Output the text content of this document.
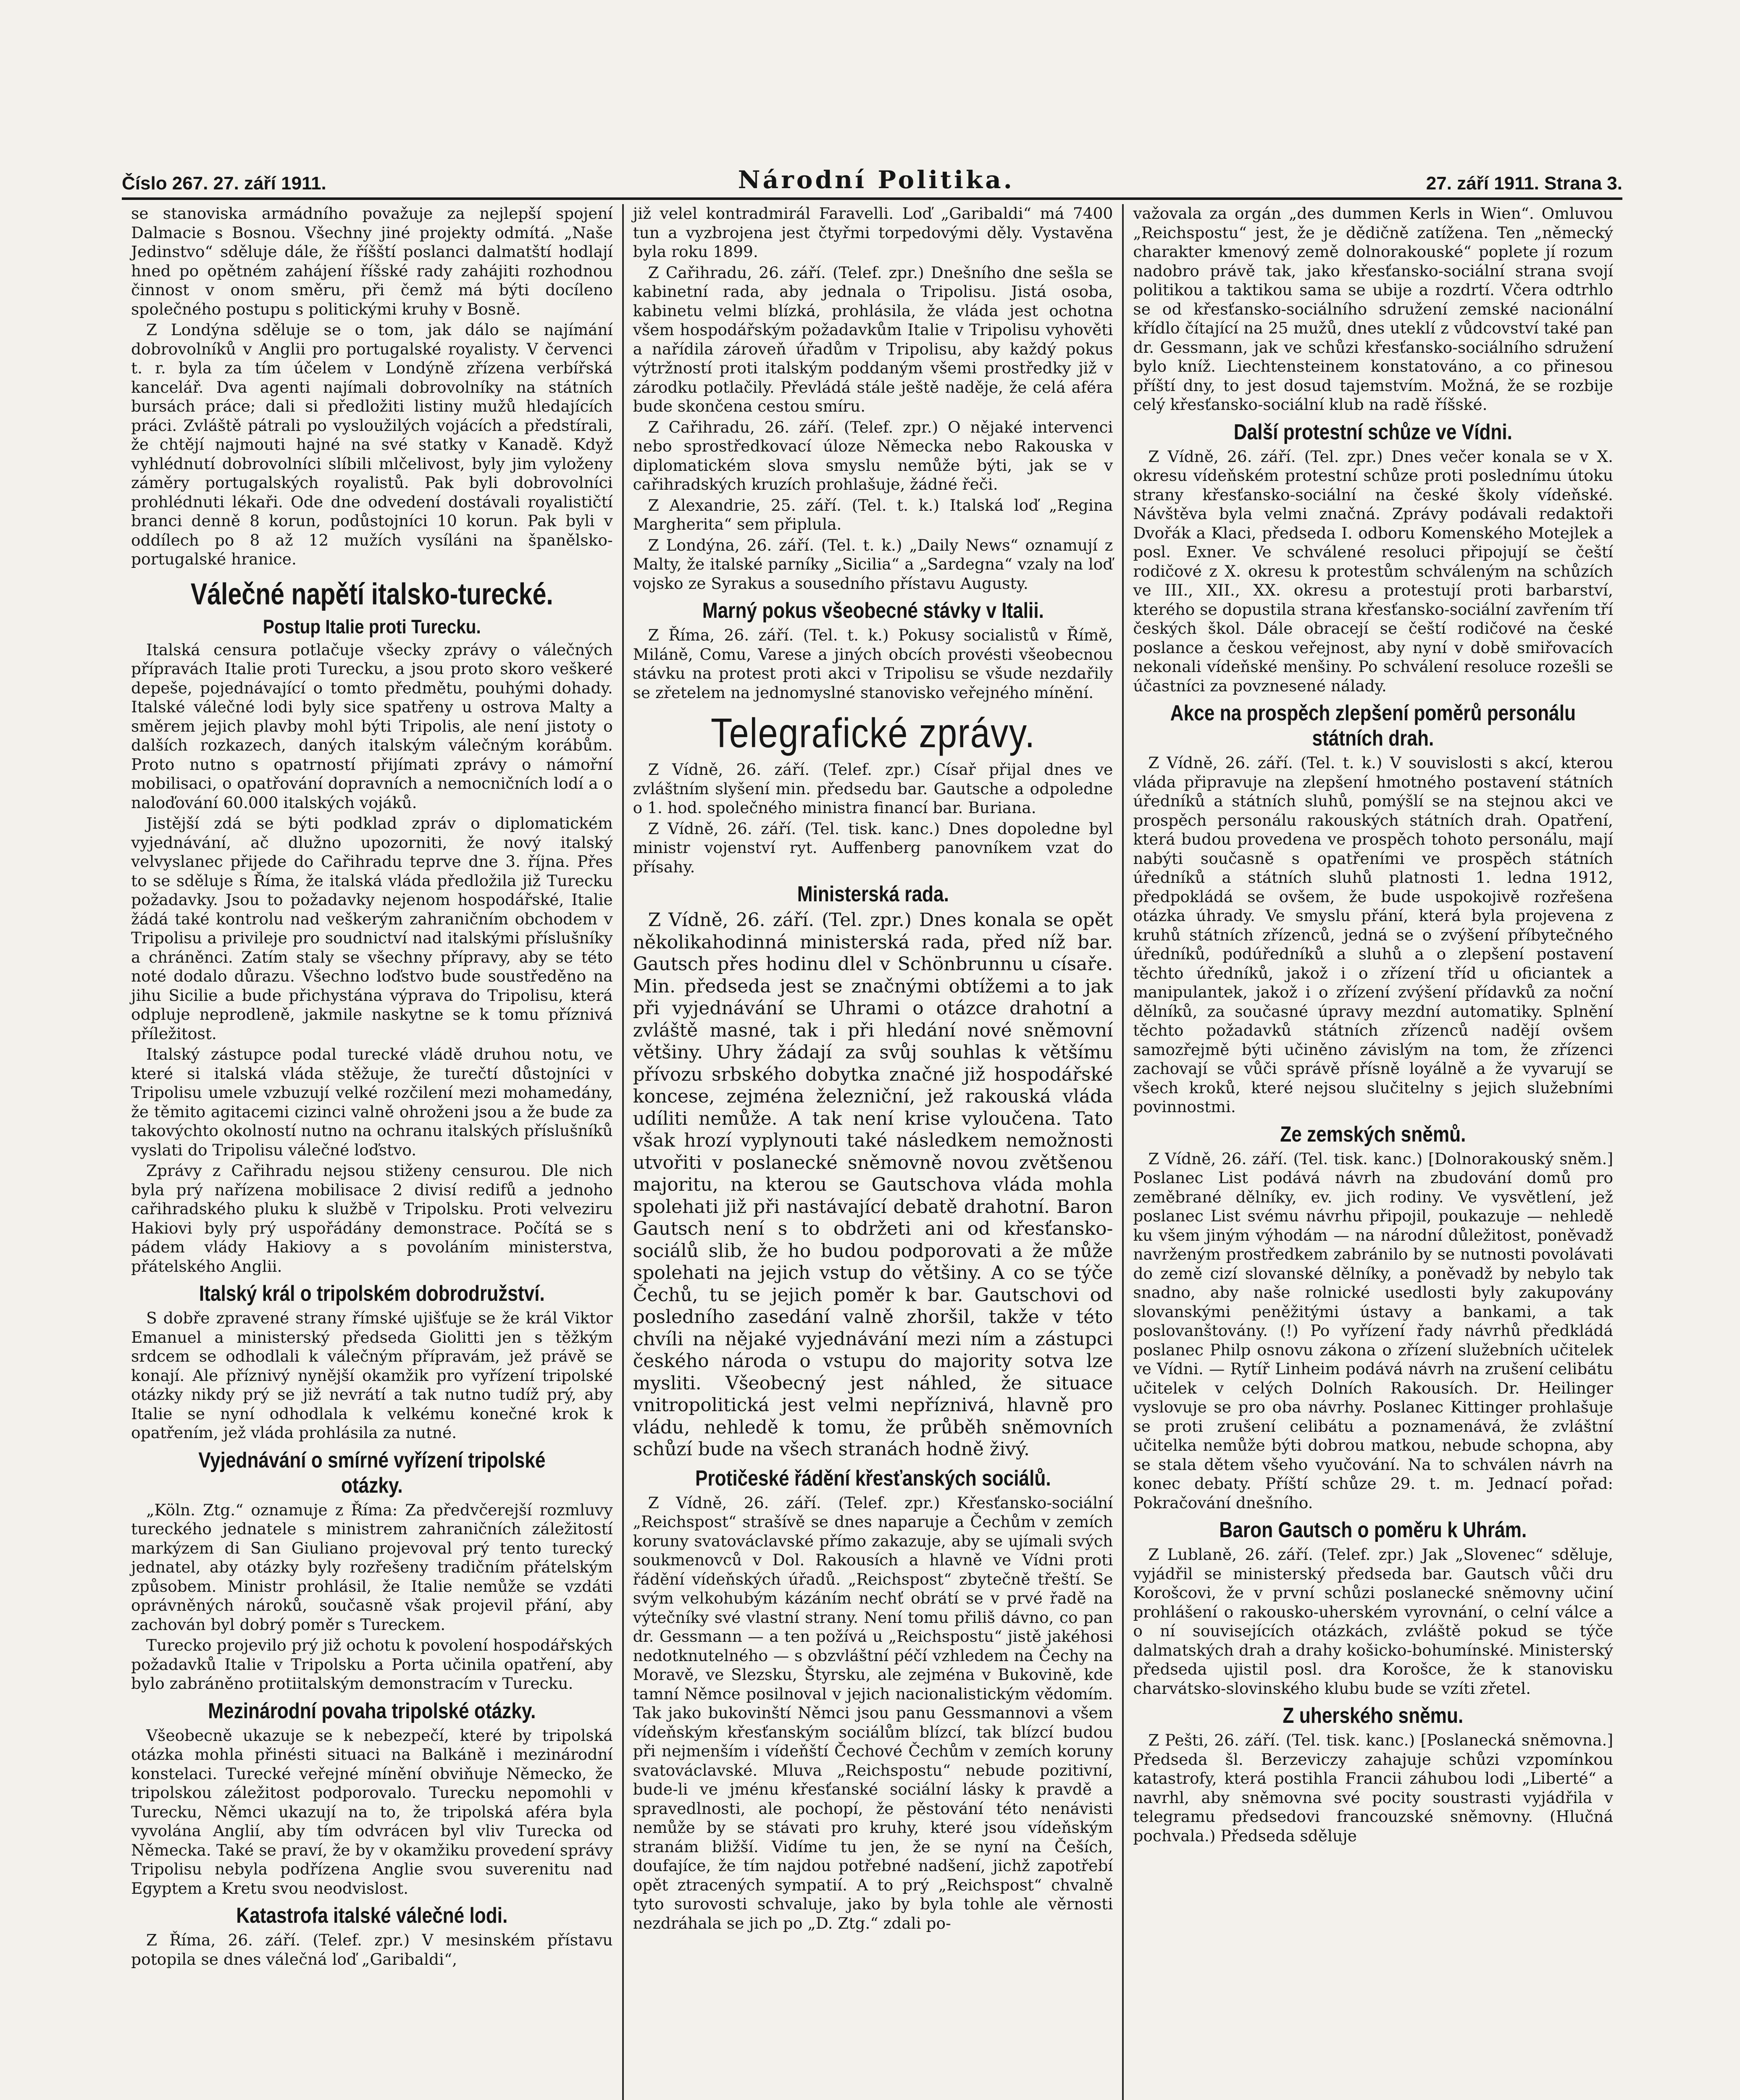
Číslo 267. 27. září 1911.	Národní Politika.	27. září 1911. Strana 3.

se stanoviska armádního považuje za nejlepší spojení Dalmacie s Bosnou. Všechny jiné projekty odmítá. „Naše Jedinstvo“ sděluje dále, že říšští poslanci dalmatští hodlají hned po opětném zahájení říšské rady zahájiti rozhodnou činnost v onom směru, při čemž má býti docíleno společného postupu s politickými kruhy v Bosně.

Z Londýna sděluje se o tom, jak dálo se najímání dobrovolníků v Anglii pro portugalské royalisty. V červenci t. r. byla za tím účelem v Londýně zřízena verbířská kancelář. Dva agenti najímali dobrovolníky na státních bursách práce; dali si předložiti listiny mužů hledajících práci. Zvláště pátrali po vysloužilých vojácích a předstírali, že chtějí najmouti hajné na své statky v Kanadě. Když vyhlédnutí dobrovolníci slíbili mlčelivost, byly jim vyloženy záměry portugalských royalistů. Pak byli dobrovolníci prohlédnuti lékaři. Ode dne odvedení dostávali royalističtí branci denně 8 korun, podůstojníci 10 korun. Pak byli v oddílech po 8 až 12 mužích vysíláni na španělsko-portugalské hranice.

Válečné napětí italsko-turecké.
Postup Italie proti Turecku.

Italská censura potlačuje všecky zprávy o válečných přípravách Italie proti Turecku, a jsou proto skoro veškeré depeše, pojednávající o tomto předmětu, pouhými dohady. Italské válečné lodi byly sice spatřeny u ostrova Malty a směrem jejich plavby mohl býti Tripolis, ale není jistoty o dalších rozkazech, daných italským válečným korábům. Proto nutno s opatrností přijímati zprávy o námořní mobilisaci, o opatřování dopravních a nemocničních lodí a o naloďování 60.000 italských vojáků.

Jistější zdá se býti podklad zpráv o diplomatickém vyjednávání, ač dlužno upozorniti, že nový italský velvyslanec přijede do Cařihradu teprve dne 3. října. Přes to se sděluje s Říma, že italská vláda předložila již Turecku požadavky. Jsou to požadavky nejenom hospodářské, Italie žádá také kontrolu nad veškerým zahraničním obchodem v Tripolisu a privileje pro soudnictví nad italskými příslušníky a chráněnci. Zatím staly se všechny přípravy, aby se této noté dodalo důrazu. Všechno loďstvo bude soustředěno na jihu Sicilie a bude přichystána výprava do Tripolisu, která odpluje neprodleně, jakmile naskytne se k tomu příznivá příležitost.

Italský zástupce podal turecké vládě druhou notu, ve které si italská vláda stěžuje, že turečtí důstojníci v Tripolisu umele vzbuzují velké rozčilení mezi mohamedány, že těmito agitacemi cizinci valně ohroženi jsou a že bude za takovýchto okolností nutno na ochranu italských příslušníků vyslati do Tripolisu válečné loďstvo.

Zprávy z Cařihradu nejsou stiženy censurou. Dle nich byla prý nařízena mobilisace 2 divisí redifů a jednoho cařihradského pluku k službě v Tripolsku. Proti velveziru Hakiovi byly prý uspořádány demonstrace. Počítá se s pádem vlády Hakiovy a s povoláním ministerstva, přátelského Anglii.

Italský král o tripolském dobrodružství.

S dobře zpravené strany římské ujišťuje se že král Viktor Emanuel a ministerský předseda Giolitti jen s těžkým srdcem se odhodlali k válečným přípravám, jež právě se konají. Ale příznivý nynější okamžik pro vyřízení tripolské otázky nikdy prý se již nevrátí a tak nutno tudíž prý, aby Italie se nyní odhodlala k velkému konečné krok k opatřením, jež vláda prohlásila za nutné.

Vyjednávání o smírné vyřízení tripolské otázky.

„Köln. Ztg.“ oznamuje z Říma: Za předvčerejší rozmluvy tureckého jednatele s ministrem zahraničních záležitostí markýzem di San Giuliano projevoval prý tento turecký jednatel, aby otázky byly rozřešeny tradičním přátelským způsobem. Ministr prohlásil, že Italie nemůže se vzdáti oprávněných nároků, současně však projevil přání, aby zachován byl dobrý poměr s Tureckem.

Turecko projevilo prý již ochotu k povolení hospodářských požadavků Italie v Tripolsku a Porta učinila opatření, aby bylo zabráněno protiitalským demonstracím v Turecku.

Mezinárodní povaha tripolské otázky.

Všeobecně ukazuje se k nebezpečí, které by tripolská otázka mohla přinésti situaci na Balkáně i mezinárodní konstelaci. Turecké veřejné mínění obviňuje Německo, že tripolskou záležitost podporovalo. Turecku nepomohli v Turecku, Němci ukazují na to, že tripolská aféra byla vyvolána Anglií, aby tím odvrácen byl vliv Turecka od Německa. Také se praví, že by v okamžiku provedení správy Tripolisu nebyla podřízena Anglie svou suverenitu nad Egyptem a Kretu svou neodvislost.

Katastrofa italské válečné lodi.

Z Říma, 26. září. (Telef. zpr.) V mesinském přístavu potopila se dnes válečná loď „Garibaldi“,

již velel kontradmirál Faravelli. Loď „Garibaldi“ má 7400 tun a vyzbrojena jest čtyřmi torpedovými děly. Vystavěna byla roku 1899.

Z Cařihradu, 26. září. (Telef. zpr.) Dnešního dne sešla se kabinetní rada, aby jednala o Tripolisu. Jistá osoba, kabinetu velmi blízká, prohlásila, že vláda jest ochotna všem hospodářským požadavkům Italie v Tripolisu vyhověti a nařídila zároveň úřadům v Tripolisu, aby každý pokus výtržností proti italským poddaným všemi prostředky již v zárodku potlačily. Převládá stále ještě naděje, že celá aféra bude skončena cestou smíru.

Z Cařihradu, 26. září. (Telef. zpr.) O nějaké intervenci nebo sprostředkovací úloze Německa nebo Rakouska v diplomatickém slova smyslu nemůže býti, jak se v cařihradských kruzích prohlašuje, žádné řeči.

Z Alexandrie, 25. září. (Tel. t. k.) Italská loď „Regina Margherita“ sem připlula.

Z Londýna, 26. září. (Tel. t. k.) „Daily News“ oznamují z Malty, že italské parníky „Sicilia“ a „Sardegna“ vzaly na loď vojsko ze Syrakus a sousedního přístavu Augusty.

Marný pokus všeobecné stávky v Italii.

Z Říma, 26. září. (Tel. t. k.) Pokusy socialistů v Římě, Miláně, Comu, Varese a jiných obcích provésti všeobecnou stávku na protest proti akci v Tripolisu se všude nezdařily se zřetelem na jednomyslné stanovisko veřejného mínění.

Telegrafické zprávy.

Z Vídně, 26. září. (Telef. zpr.) Císař přijal dnes ve zvláštním slyšení min. předsedu bar. Gautsche a odpoledne o 1. hod. společného ministra financí bar. Buriana.

Z Vídně, 26. září. (Tel. tisk. kanc.) Dnes dopoledne byl ministr vojenství ryt. Auffenberg panovníkem vzat do přísahy.

Ministerská rada.

Z Vídně, 26. září. (Tel. zpr.) Dnes konala se opět několikahodinná ministerská rada, před níž bar. Gautsch přes hodinu dlel v Schönbrunnu u císaře. Min. předseda jest se značnými obtížemi a to jak při vyjednávání se Uhrami o otázce drahotní a zvláště masné, tak i při hledání nové sněmovní většiny. Uhry žádají za svůj souhlas k většímu přívozu srbského dobytka značné již hospodářské koncese, zejména železniční, jež rakouská vláda udíliti nemůže. A tak není krise vyloučena. Tato však hrozí vyplynouti také následkem nemožnosti utvořiti v poslanecké sněmovně novou zvětšenou majoritu, na kterou se Gautschova vláda mohla spolehati již při nastávající debatě drahotní. Baron Gautsch není s to obdržeti ani od křesťansko-sociálů slib, že ho budou podporovati a že může spolehati na jejich vstup do většiny. A co se týče Čechů, tu se jejich poměr k bar. Gautschovi od posledního zasedání valně zhoršil, takže v této chvíli na nějaké vyjednávání mezi ním a zástupci českého národa o vstupu do majority sotva lze mysliti. Všeobecný jest náhled, že situace vnitropolitická jest velmi nepříznivá, hlavně pro vládu, nehledě k tomu, že průběh sněmovních schůzí bude na všech stranách hodně živý.

Protičeské řádění křesťanských sociálů.

Z Vídně, 26. září. (Telef. zpr.) Křesťansko-sociální „Reichspost“ strašívě se dnes naparuje a Čechům v zemích koruny svatováclavské přímo zakazuje, aby se ujímali svých soukmenovců v Dol. Rakousích a hlavně ve Vídni proti řádění vídeňských úřadů. „Reichspost“ zbytečně třeští. Se svým velkohubým kázáním nechť obrátí se v prvé řadě na výtečníky své vlastní strany. Není tomu přiliš dávno, co pan dr. Gessmann — a ten požívá u „Reichspostu“ jistě jakéhosi nedotknutelného — s obzvláštní péčí vzhledem na Čechy na Moravě, ve Slezsku, Štyrsku, ale zejména v Bukovině, kde tamní Němce posilnoval v jejich nacionalistickým vědomím. Tak jako bukovinští Němci jsou panu Gessmannovi a všem vídeňským křesťanským sociálům blízcí, tak blízcí budou při nejmenším i vídeňští Čechové Čechům v zemích koruny svatováclavské. Mluva „Reichspostu“ nebude pozitivní, bude-li ve jménu křesťanské sociální lásky k pravdě a spravedlnosti, ale pochopí, že pěstování této nenávisti nemůže by se stávati pro kruhy, které jsou vídeňským stranám bližší. Vidíme tu jen, že se nyní na Češích, doufajíce, že tím najdou potřebné nadšení, jichž zapotřebí opět ztracených sympatií. A to prý „Reichspost“ chvalně tyto surovosti schvaluje, jako by byla tohle ale věrnosti nezdráhala se jich po „D. Ztg.“ zdali po-

važovala za orgán „des dummen Kerls in Wien“. Omluvou „Reichspostu“ jest, že je dědičně zatížena. Ten „německý charakter kmenový země dolnorakouské“ poplete jí rozum nadobro právě tak, jako křesťansko-sociální strana svojí politikou a taktikou sama se ubije a rozdrtí. Včera odtrhlo se od křesťansko-sociálního sdružení zemské nacionální křídlo čítající na 25 mužů, dnes uteklí z vůdcovství také pan dr. Gessmann, jak ve schůzi křesťansko-sociálního sdružení bylo kníž. Liechtensteinem konstatováno, a co přinesou příští dny, to jest dosud tajemstvím. Možná, že se rozbije celý křesťansko-sociální klub na radě říšské.

Další protestní schůze ve Vídni.

Z Vídně, 26. září. (Tel. zpr.) Dnes večer konala se v X. okresu vídeňském protestní schůze proti poslednímu útoku strany křesťansko-sociální na české školy vídeňské. Návštěva byla velmi značná. Zprávy podávali redaktoři Dvořák a Klaci, předseda I. odboru Komenského Motejlek a posl. Exner. Ve schválené resoluci připojují se čeští rodičové z X. okresu k protestům schváleným na schůzích ve III., XII., XX. okresu a protestují proti barbarství, kterého se dopustila strana křesťansko-sociální zavřením tří českých škol. Dále obracejí se čeští rodičové na české poslance a českou veřejnost, aby nyní v době smiřovacích nekonali vídeňské menšiny. Po schválení resoluce rozešli se účastníci za povznesené nálady.

Akce na prospěch zlepšení poměrů personálu státních drah.

Z Vídně, 26. září. (Tel. t. k.) V souvislosti s akcí, kterou vláda připravuje na zlepšení hmotného postavení státních úředníků a státních sluhů, pomýšlí se na stejnou akci ve prospěch personálu rakouských státních drah. Opatření, která budou provedena ve prospěch tohoto personálu, mají nabýti současně s opatřeními ve prospěch státních úředníků a státních sluhů platnosti 1. ledna 1912, předpokládá se ovšem, že bude uspokojivě rozřešena otázka úhrady. Ve smyslu přání, která byla projevena z kruhů státních zřízenců, jedná se o zvýšení příbytečného úředníků, podúředníků a sluhů a o zlepšení postavení těchto úředníků, jakož i o zřízení tříd u oficiantek a manipulantek, jakož i o zřízení zvýšení přídavků za noční dělníků, za současné úpravy mezdní automatiky. Splnění těchto požadavků státních zřízenců nadějí ovšem samozřejmě býti učiněno závislým na tom, že zřízenci zachovají se vůči správě přísně loyálně a že vyvarují se všech kroků, které nejsou slučitelny s jejich služebními povinnostmi.

Ze zemských sněmů.

Z Vídně, 26. září. (Tel. tisk. kanc.) [Dolnorakouský sněm.] Poslanec List podává návrh na zbudování domů pro zeměbrané dělníky, ev. jich rodiny. Ve vysvětlení, jež poslanec List svému návrhu připojil, poukazuje — nehledě ku všem jiným výhodám — na národní důležitost, poněvadž navrženým prostředkem zabránilo by se nutnosti povolávati do země cizí slovanské dělníky, a poněvadž by nebylo tak snadno, aby naše rolnické usedlosti byly zakupovány slovanskými peněžitými ústavy a bankami, a tak poslovanštovány. (!) Po vyřízení řady návrhů předkládá poslanec Philp osnovu zákona o zřízení služebních učitelek ve Vídni. — Rytíř Linheim podává návrh na zrušení celibátu učitelek v celých Dolních Rakousích. Dr. Heilinger vyslovuje se pro oba návrhy. Poslanec Kittinger prohlašuje se proti zrušení celibátu a poznamenává, že zvláštní učitelka nemůže býti dobrou matkou, nebude schopna, aby se stala dětem všeho vyučování. Na to schválen návrh na konec debaty. Příští schůze 29. t. m. Jednací pořad: Pokračování dnešního.

Baron Gautsch o poměru k Uhrám.

Z Lublaně, 26. září. (Telef. zpr.) Jak „Slovenec“ sděluje, vyjádřil se ministerský předseda bar. Gautsch vůči dru Korošcovi, že v první schůzi poslanecké sněmovny učiní prohlášení o rakousko-uherském vyrovnání, o celní válce a o ní souvisejících otázkách, zvláště pokud se týče dalmatských drah a drahy košicko-bohumínské. Ministerský předseda ujistil posl. dra Korošce, že k stanovisku charvátsko-slovinského klubu bude se vzíti zřetel.

Z uherského sněmu.

Z Pešti, 26. září. (Tel. tisk. kanc.) [Poslanecká sněmovna.] Předseda šl. Berzeviczy zahajuje schůzi vzpomínkou katastrofy, která postihla Francii záhubou lodi „Liberté“ a navrhl, aby sněmovna své pocity soustrasti vyjádřila v telegramu předsedovi francouzské sněmovny. (Hlučná pochvala.) Předseda sděluje
